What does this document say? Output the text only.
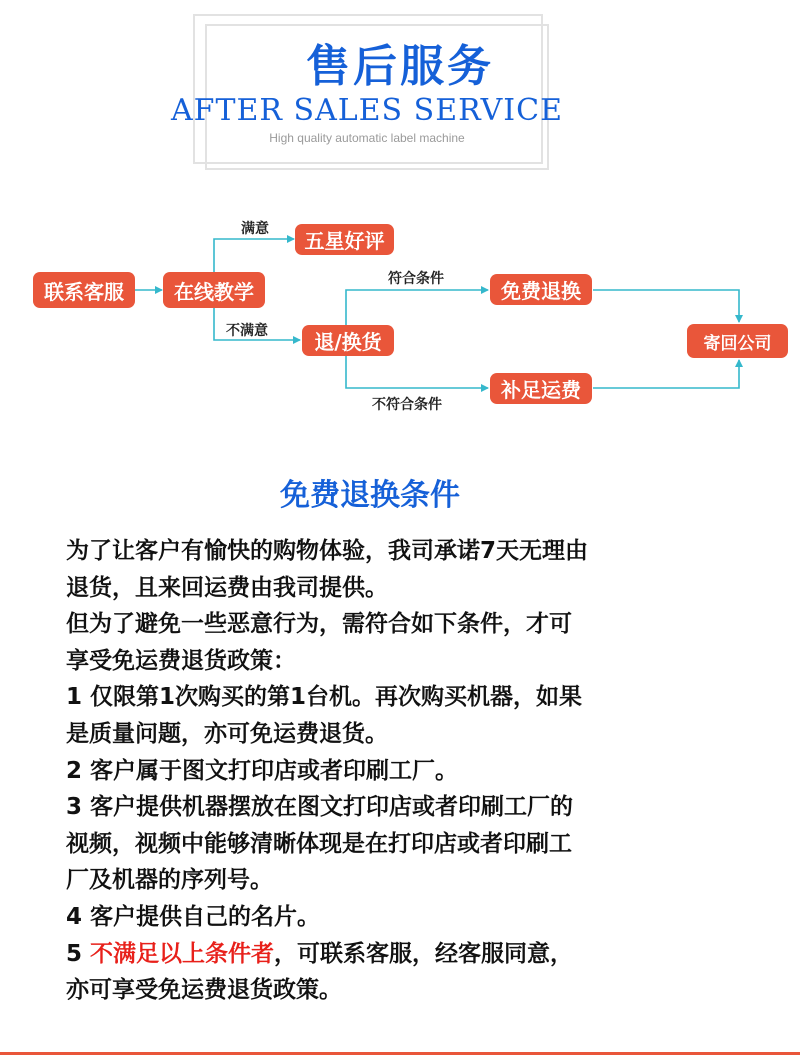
售后服务
AFTER SALES SERVICE
High quality automatic label machine
联系客服	在线教学
五星好评
退/换货
免费退换
补足运费
寄回公司
满意
不满意
符合条件
不符合条件
免费退换条件
为了让客户有愉快的购物体验，我司承诺7天无理由
退货，且来回运费由我司提供。
但为了避免一些恶意行为，需符合如下条件，才可
享受免运费退货政策：
1 仅限第1次购买的第1台机。再次购买机器，如果
是质量问题，亦可免运费退货。
2 客户属于图文打印店或者印刷工厂。
3 客户提供机器摆放在图文打印店或者印刷工厂的
视频，视频中能够清晰体现是在打印店或者印刷工
厂及机器的序列号。
4 客户提供自己的名片。
5 不满足以上条件者，可联系客服，经客服同意，
亦可享受免运费退货政策。
